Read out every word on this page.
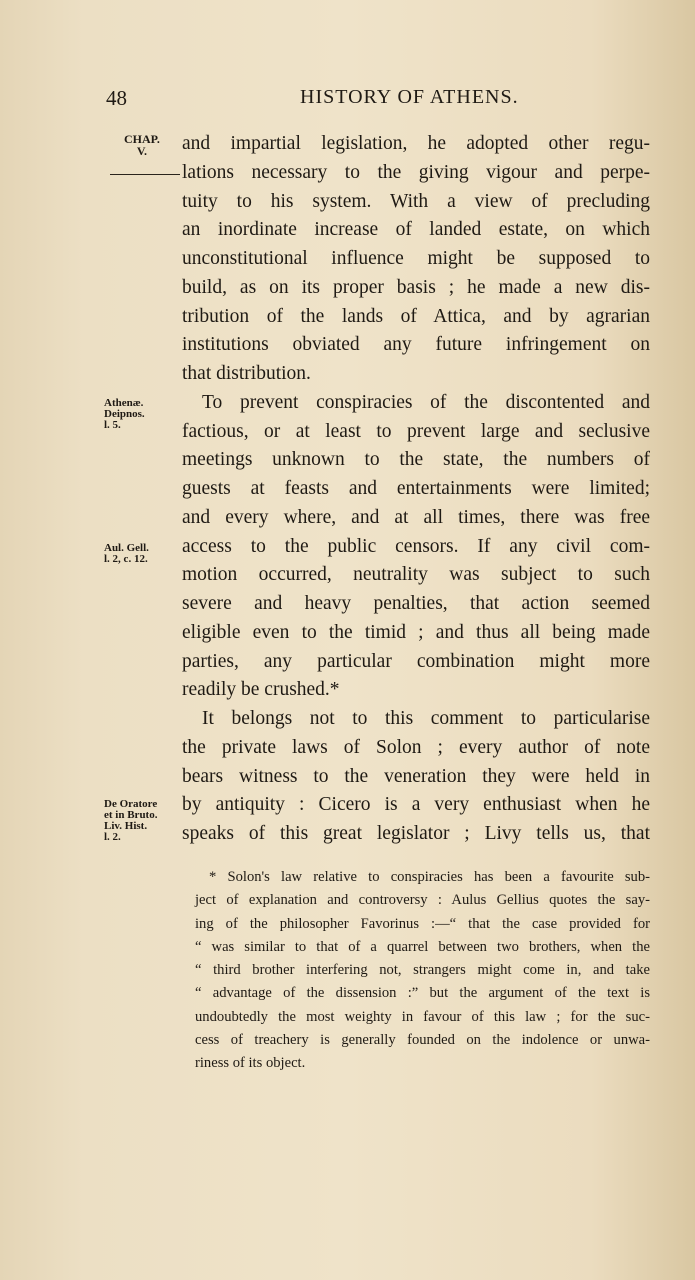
48	HISTORY OF ATHENS.
CHAP.
V.
Athenæ.
Deipnos.
l. 5.
Aul. Gell.
l. 2, c. 12.
De Oratore
et in Bruto.
Liv. Hist.
l. 2.
and impartial legislation, he adopted other regu-
lations necessary to the giving vigour and perpe-
tuity to his system. With a view of precluding
an inordinate increase of landed estate, on which
unconstitutional influence might be supposed to
build, as on its proper basis ; he made a new dis-
tribution of the lands of Attica, and by agrarian
institutions obviated any future infringement on
that distribution.
To prevent conspiracies of the discontented and
factious, or at least to prevent large and seclusive
meetings unknown to the state, the numbers of
guests at feasts and entertainments were limited;
and every where, and at all times, there was free
access to the public censors. If any civil com-
motion occurred, neutrality was subject to such
severe and heavy penalties, that action seemed
eligible even to the timid ; and thus all being made
parties, any particular combination might more
readily be crushed.*
It belongs not to this comment to particularise
the private laws of Solon ; every author of note
bears witness to the veneration they were held in
by antiquity : Cicero is a very enthusiast when he
speaks of this great legislator ; Livy tells us, that
* Solon's law relative to conspiracies has been a favourite sub-
ject of explanation and controversy : Aulus Gellius quotes the say-
ing of the philosopher Favorinus :—“ that the case provided for
“ was similar to that of a quarrel between two brothers, when the
“ third brother interfering not, strangers might come in, and take
“ advantage of the dissension :” but the argument of the text is
undoubtedly the most weighty in favour of this law ; for the suc-
cess of treachery is generally founded on the indolence or unwa-
riness of its object.
